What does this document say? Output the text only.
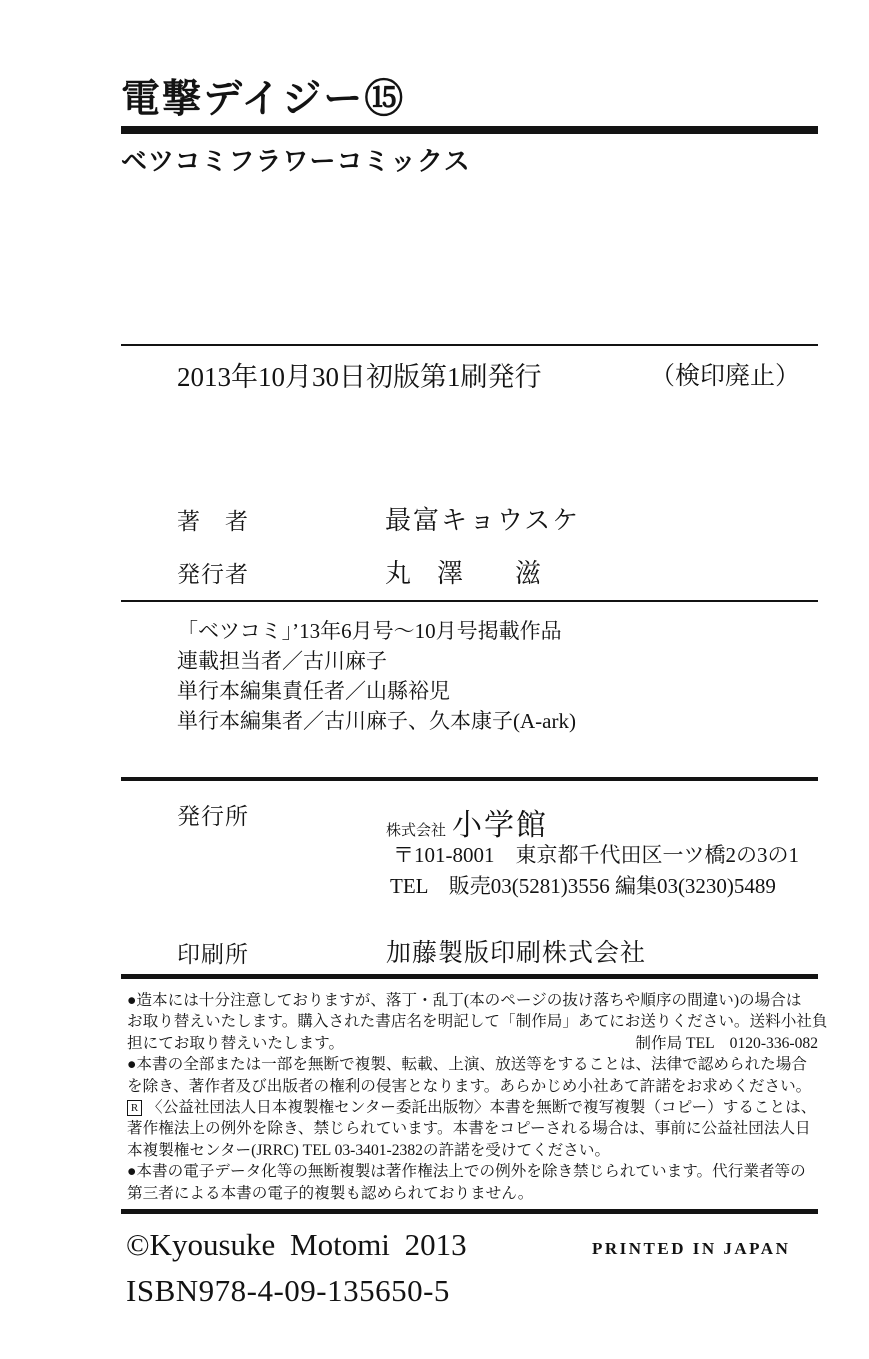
電撃デイジー⑮
ベツコミフラワーコミックス
2013年10月30日初版第1刷発行	（検印廃止）
著　者	最富キョウスケ
発行者	丸　澤　　滋
「ベツコミ」’13年6月号～10月号掲載作品
連載担当者／古川麻子
単行本編集責任者／山縣裕児
単行本編集者／古川麻子、久本康子(A-ark)
発行所
株式会社 小学館
〒101-8001　東京都千代田区一ツ橋2の3の1
TEL　販売03(5281)3556 編集03(3230)5489
印刷所	加藤製版印刷株式会社
●造本には十分注意しておりますが、落丁・乱丁(本のページの抜け落ちや順序の間違い)の場合は
お取り替えいたします。購入された書店名を明記して「制作局」あてにお送りください。送料小社負
担にてお取り替えいたします。	制作局 TEL　0120-336-082
●本書の全部または一部を無断で複製、転載、上演、放送等をすることは、法律で認められた場合
を除き、著作者及び出版者の権利の侵害となります。あらかじめ小社あて許諾をお求めください。
R 〈公益社団法人日本複製権センター委託出版物〉本書を無断で複写複製（コピー）することは、
著作権法上の例外を除き、禁じられています。本書をコピーされる場合は、事前に公益社団法人日
本複製権センター(JRRC) TEL 03-3401-2382の許諾を受けてください。
●本書の電子データ化等の無断複製は著作権法上での例外を除き禁じられています。代行業者等の
第三者による本書の電子的複製も認められておりません。
©Kyousuke Motomi 2013	PRINTED IN JAPAN
ISBN978-4-09-135650-5
